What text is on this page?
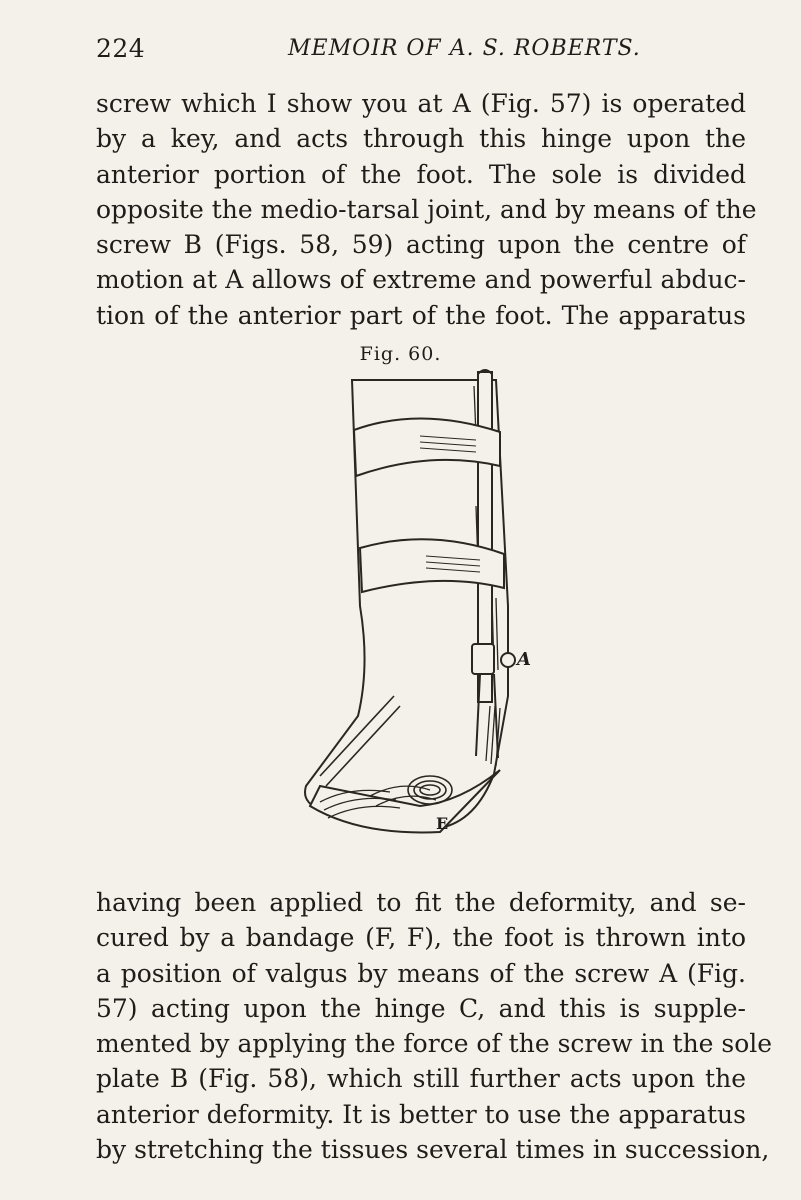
224	MEMOIR OF A. S. ROBERTS.
screw which I show you at A (Fig. 57) is operated
by a key, and acts through this hinge upon the
anterior portion of the foot. The sole is divided
opposite the medio-tarsal joint, and by means of the
screw B (Figs. 58, 59) acting upon the centre of
motion at A allows of extreme and powerful abduc-
tion of the anterior part of the foot. The apparatus
Fig. 60.
A
E
having been applied to fit the deformity, and se-
cured by a bandage (F, F), the foot is thrown into
a position of valgus by means of the screw A (Fig.
57) acting upon the hinge C, and this is supple-
mented by applying the force of the screw in the sole
plate B (Fig. 58), which still further acts upon the
anterior deformity. It is better to use the apparatus
by stretching the tissues several times in succession,
